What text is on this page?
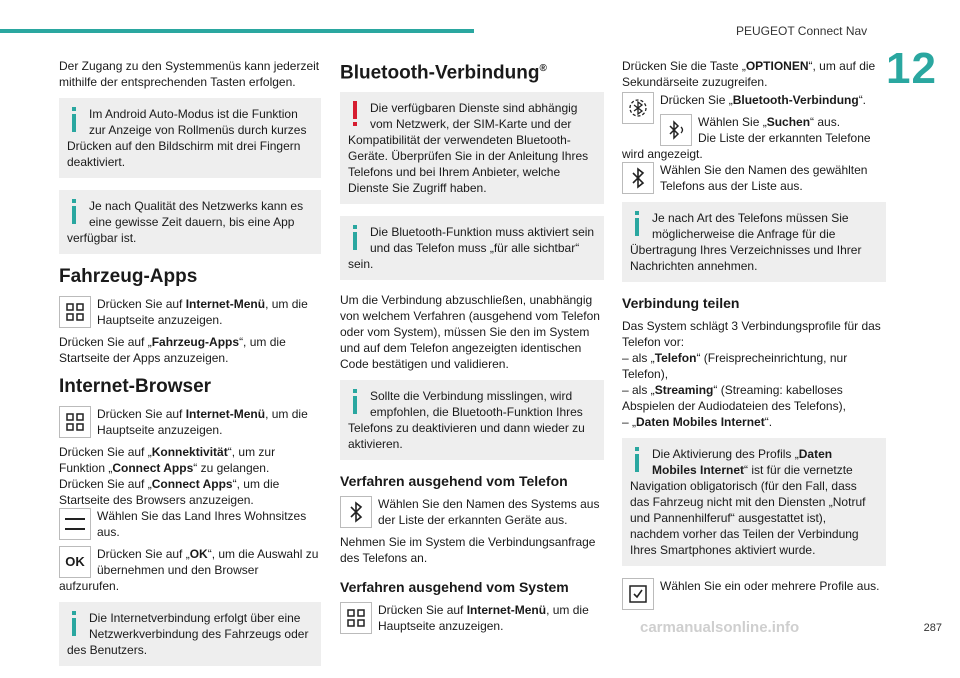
PEUGEOT Connect Nav
12

Der Zugang zu den Systemmenüs kann jederzeit mithilfe der entsprechenden Tasten erfolgen.

Im Android Auto-Modus ist die Funktion zur Anzeige von Rollmenüs durch kurzes Drücken auf den Bildschirm mit drei Fingern deaktiviert.
Je nach Qualität des Netzwerks kann es eine gewisse Zeit dauern, bis eine App verfügbar ist.
Fahrzeug-Apps
Drücken Sie auf Internet-Menü, um die Hauptseite anzuzeigen.

Drücken Sie auf „Fahrzeug-Apps“, um die Startseite der Apps anzuzeigen.

Internet-Browser
Drücken Sie auf Internet-Menü, um die Hauptseite anzuzeigen.

Drücken Sie auf „Konnektivität“, um zur Funktion „Connect Apps“ zu gelangen.

Drücken Sie auf „Connect Apps“, um die Startseite des Browsers anzuzeigen.

Wählen Sie das Land Ihres Wohnsitzes aus.
OK Drücken Sie auf „OK“, um die Auswahl zu übernehmen und den Browser aufzurufen.
Die Internetverbindung erfolgt über eine Netzwerkverbindung des Fahrzeugs oder des Benutzers.
Bluetooth-Verbindung®
Die verfügbaren Dienste sind abhängig vom Netzwerk, der SIM-Karte und der Kompatibilität der verwendeten Bluetooth-Geräte. Überprüfen Sie in der Anleitung Ihres Telefons und bei Ihrem Anbieter, welche Dienste Sie Zugriff haben.
Die Bluetooth-Funktion muss aktiviert sein und das Telefon muss „für alle sichtbar“ sein.

Um die Verbindung abzuschließen, unabhängig von welchem Verfahren (ausgehend vom Telefon oder vom System), müssen Sie den im System und auf dem Telefon angezeigten identischen Code bestätigen und validieren.

Sollte die Verbindung misslingen, wird empfohlen, die Bluetooth-Funktion Ihres Telefons zu deaktivieren und dann wieder zu aktivieren.
Verfahren ausgehend vom Telefon
Wählen Sie den Namen des Systems aus der Liste der erkannten Geräte aus.

Nehmen Sie im System die Verbindungsanfrage des Telefons an.

Verfahren ausgehend vom System
Drücken Sie auf Internet-Menü, um die Hauptseite anzuzeigen.

Drücken Sie die Taste „OPTIONEN“, um auf die Sekundärseite zuzugreifen.

Drücken Sie „Bluetooth-Verbindung“.
Wählen Sie „Suchen“ aus.
Die Liste der erkannten Telefone wird angezeigt.
Wählen Sie den Namen des gewählten Telefons aus der Liste aus.
Je nach Art des Telefons müssen Sie möglicherweise die Anfrage für die Übertragung Ihres Verzeichnisses und Ihrer Nachrichten annehmen.
Verbindung teilen

Das System schlägt 3 Verbindungsprofile für das Telefon vor:

– als „Telefon“ (Freisprecheinrichtung, nur Telefon),

– als „Streaming“ (Streaming: kabelloses Abspielen der Audiodateien des Telefons),

– „Daten Mobiles Internet“.

Die Aktivierung des Profils „Daten Mobiles Internet“ ist für die vernetzte Navigation obligatorisch (für den Fall, dass das Fahrzeug nicht mit den Diensten „Notruf und Pannenhilferuf“ ausgestattet ist), nachdem vorher das Teilen der Verbindung Ihres Smartphones aktiviert wurde.
Wählen Sie ein oder mehrere Profile aus.
carmanualsonline.info	287
